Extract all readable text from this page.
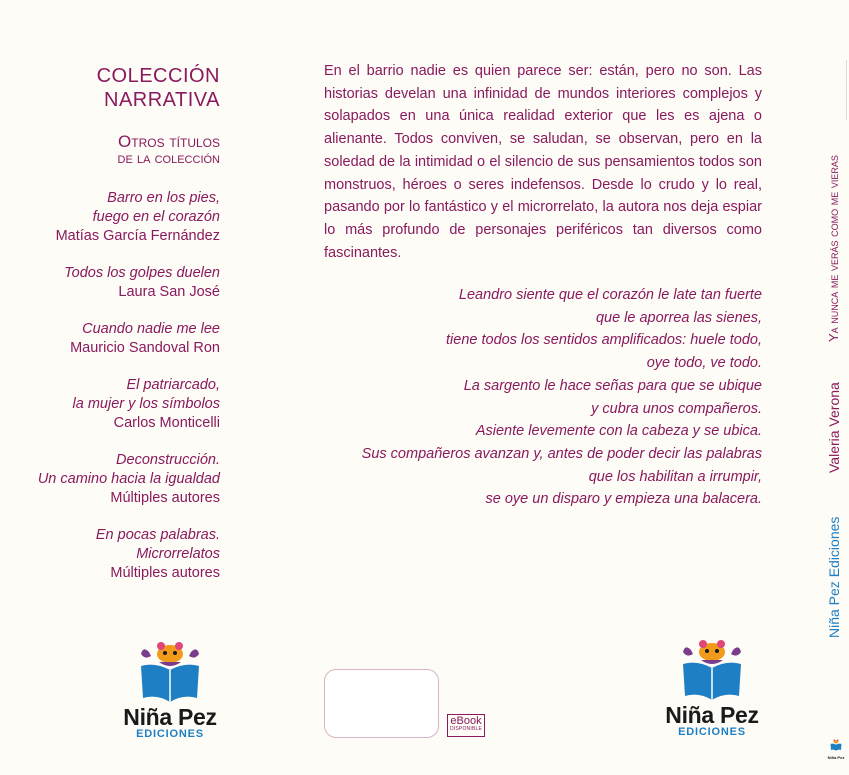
COLECCIÓN
NARRATIVA
Otros títulos
de la colección
Barro en los pies,
fuego en el corazón
Matías García Fernández
Todos los golpes duelen
Laura San José
Cuando nadie me lee
Mauricio Sandoval Ron
El patriarcado,
la mujer y los símbolos
Carlos Monticelli
Deconstrucción.
Un camino hacia la igualdad
Múltiples autores
En pocas palabras.
Microrrelatos
Múltiples autores
Niña Pez
EDICIONES
En el barrio nadie es quien parece ser: están, pero no son. Las historias develan una infinidad de mundos interiores complejos y solapados en una única realidad exterior que les es ajena o alienante. Todos conviven, se saludan, se observan, pero en la soledad de la intimidad o el silencio de sus pensamientos todos son monstruos, héroes o seres indefensos. Desde lo crudo y lo real, pasando por lo fantástico y el microrrelato, la autora nos deja espiar lo más profundo de personajes periféricos tan diversos como fascinantes.
Leandro siente que el corazón le late tan fuerte
que le aporrea las sienes,
tiene todos los sentidos amplificados: huele todo,
oye todo, ve todo.
La sargento le hace señas para que se ubique
y cubra unos compañeros.
Asiente levemente con la cabeza y se ubica.
Sus compañeros avanzan y, antes de poder decir las palabras
que los habilitan a irrumpir,
se oye un disparo y empieza una balacera.
eBook
DISPONIBLE
Niña Pez
EDICIONES
Ya nunca me verás como me vieras
Valeria Verona
Niña Pez Ediciones
Niña Pez
